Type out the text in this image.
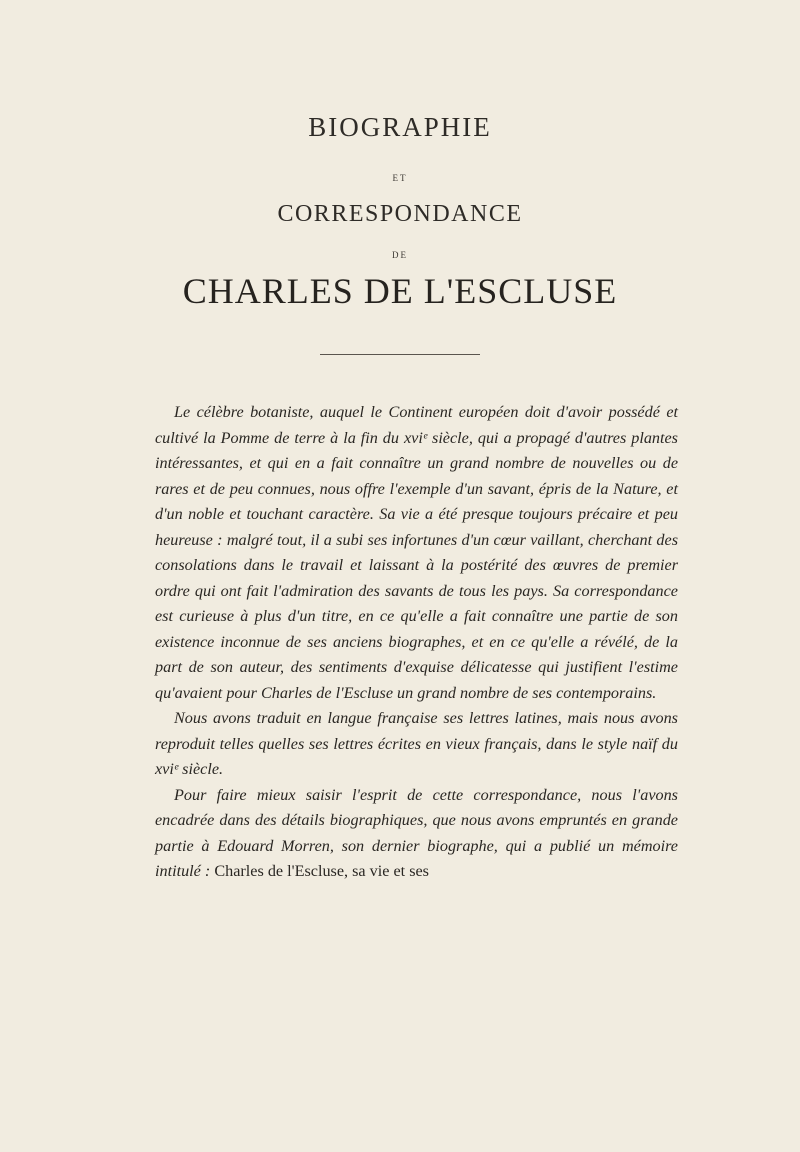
BIOGRAPHIE
ET
CORRESPONDANCE
DE
CHARLES DE L'ESCLUSE

Le célèbre botaniste, auquel le Continent européen doit d'avoir possédé et cultivé la Pomme de terre à la fin du xviᵉ siècle, qui a propagé d'autres plantes intéressantes, et qui en a fait connaître un grand nombre de nouvelles ou de rares et de peu connues, nous offre l'exemple d'un savant, épris de la Nature, et d'un noble et touchant caractère. Sa vie a été presque toujours précaire et peu heureuse : malgré tout, il a subi ses infortunes d'un cœur vaillant, cherchant des consolations dans le travail et laissant à la postérité des œuvres de premier ordre qui ont fait l'admiration des savants de tous les pays. Sa correspondance est curieuse à plus d'un titre, en ce qu'elle a fait connaître une partie de son existence inconnue de ses anciens biographes, et en ce qu'elle a révélé, de la part de son auteur, des sentiments d'exquise délicatesse qui justifient l'estime qu'avaient pour Charles de l'Escluse un grand nombre de ses contemporains.

Nous avons traduit en langue française ses lettres latines, mais nous avons reproduit telles quelles ses lettres écrites en vieux français, dans le style naïf du xviᵉ siècle.

Pour faire mieux saisir l'esprit de cette correspondance, nous l'avons encadrée dans des détails biographiques, que nous avons empruntés en grande partie à Edouard Morren, son dernier biographe, qui a publié un mémoire intitulé : Charles de l'Escluse, sa vie et ses
